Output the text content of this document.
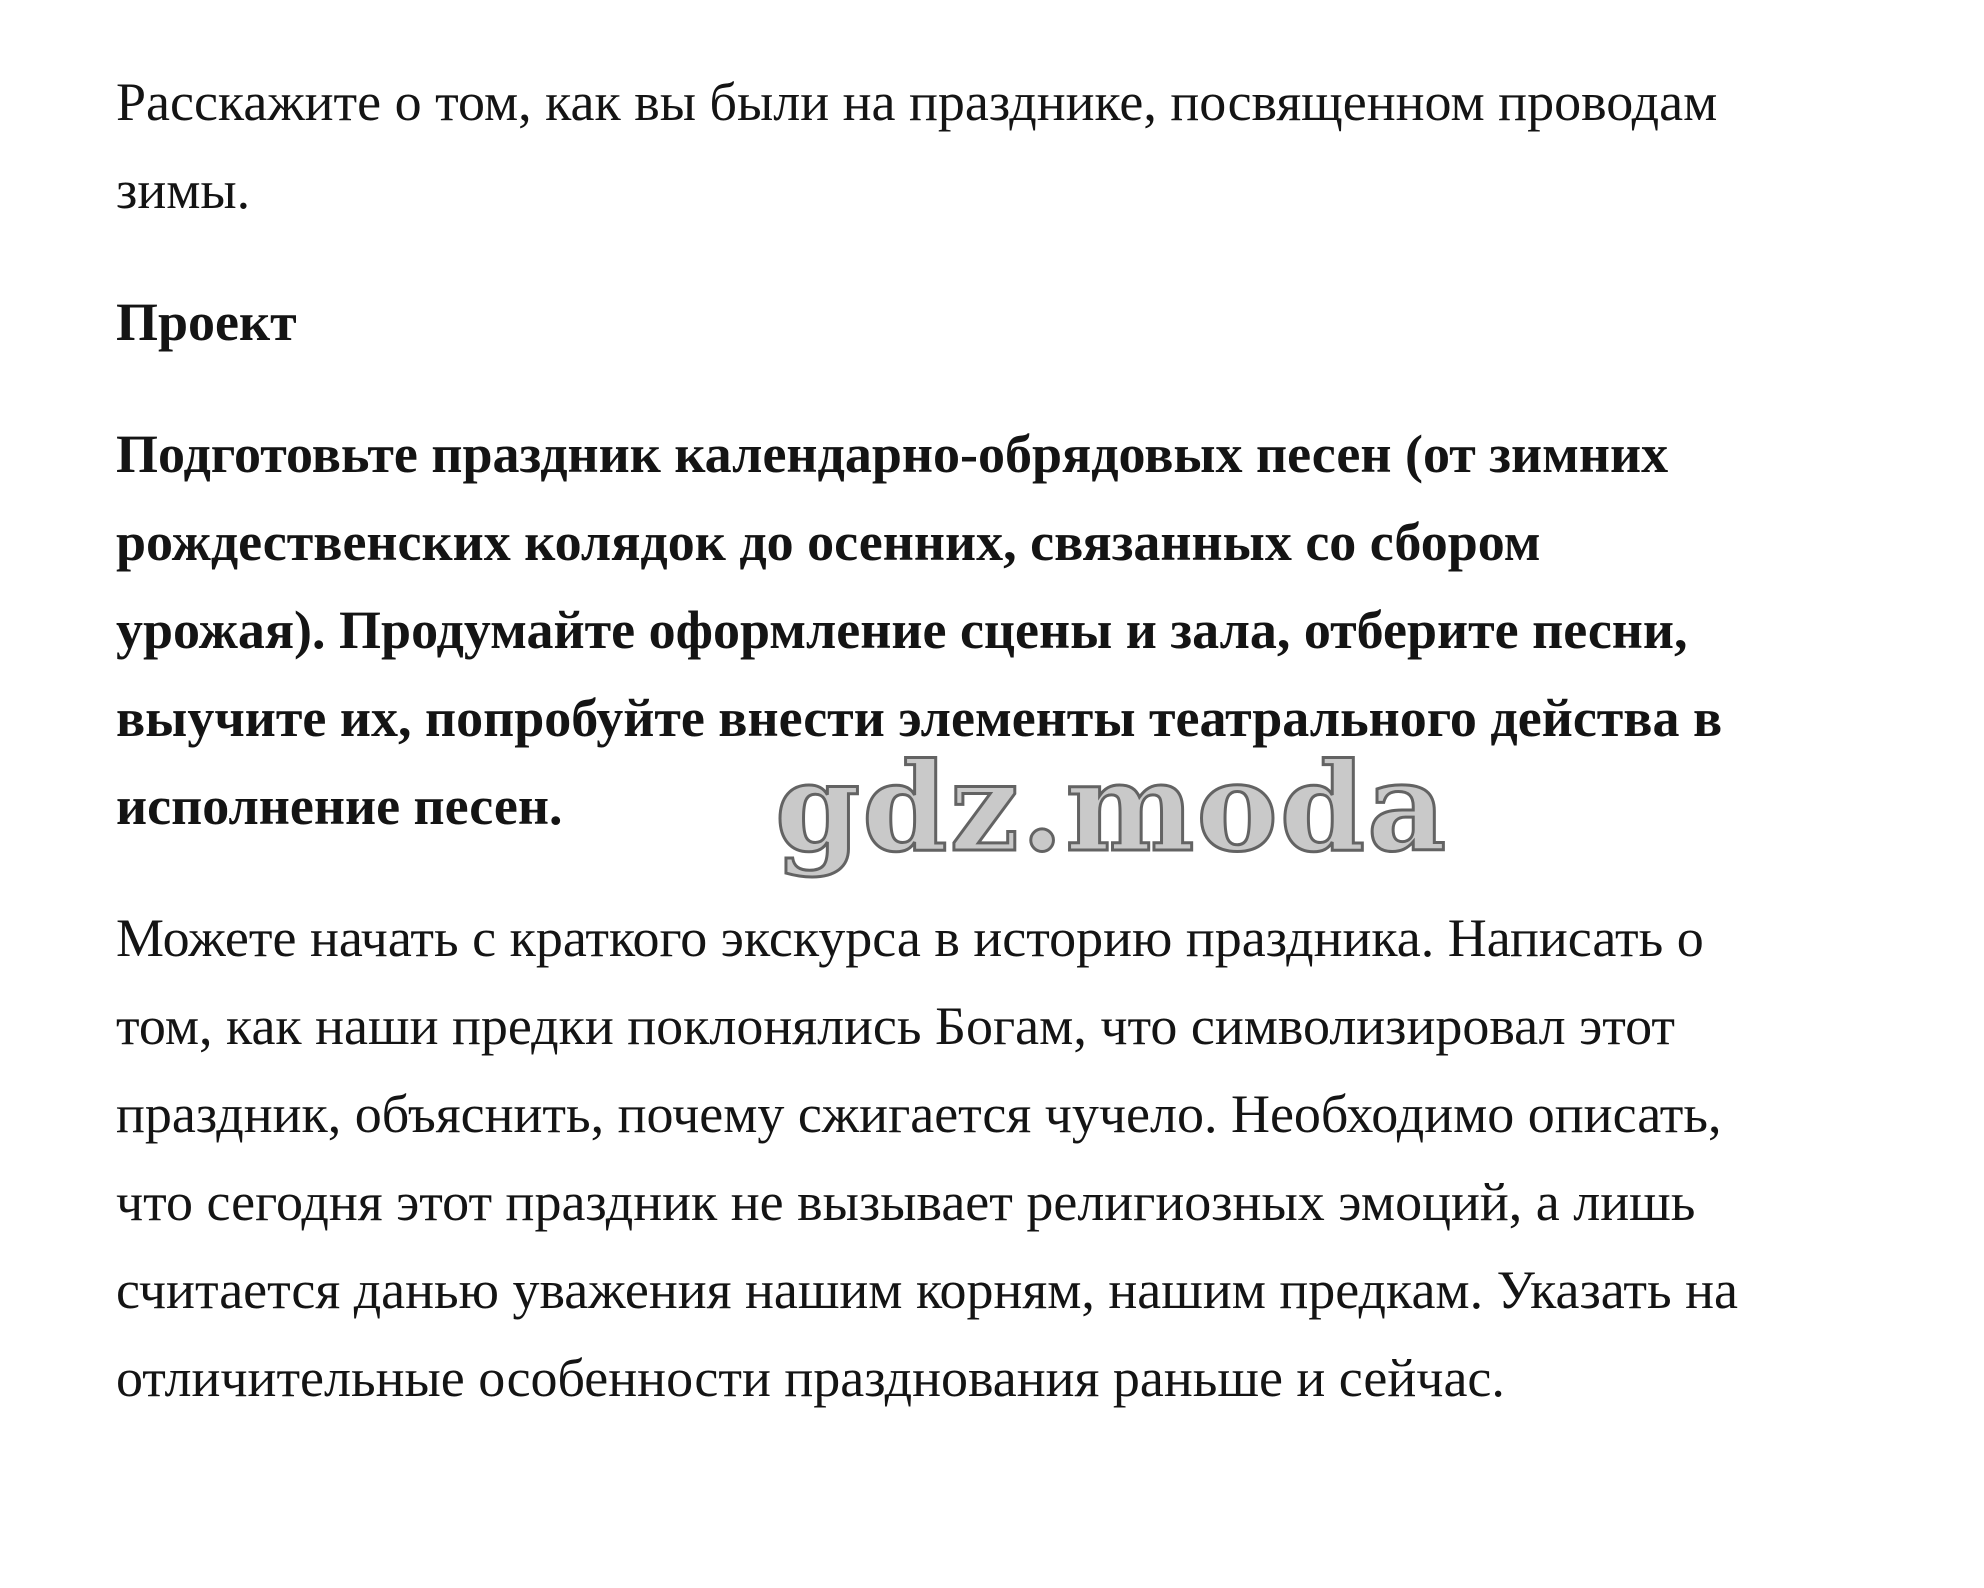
Расскажите о том, как вы были на празднике, посвященном проводам
зимы.

Проект

Подготовьте праздник календарно-обрядовых песен (от зимних
рождественских колядок до осенних, связанных со сбором
урожая). Продумайте оформление сцены и зала, отберите песни,
выучите их, попробуйте внести элементы театрального действа в
исполнение песен.

Можете начать с краткого экскурса в историю праздника. Написать о
том, как наши предки поклонялись Богам, что символизировал этот
праздник, объяснить, почему сжигается чучело. Необходимо описать,
что сегодня этот праздник не вызывает религиозных эмоций, а лишь
считается данью уважения нашим корням, нашим предкам. Указать на
отличительные особенности празднования раньше и сейчас.

gdz.moda
